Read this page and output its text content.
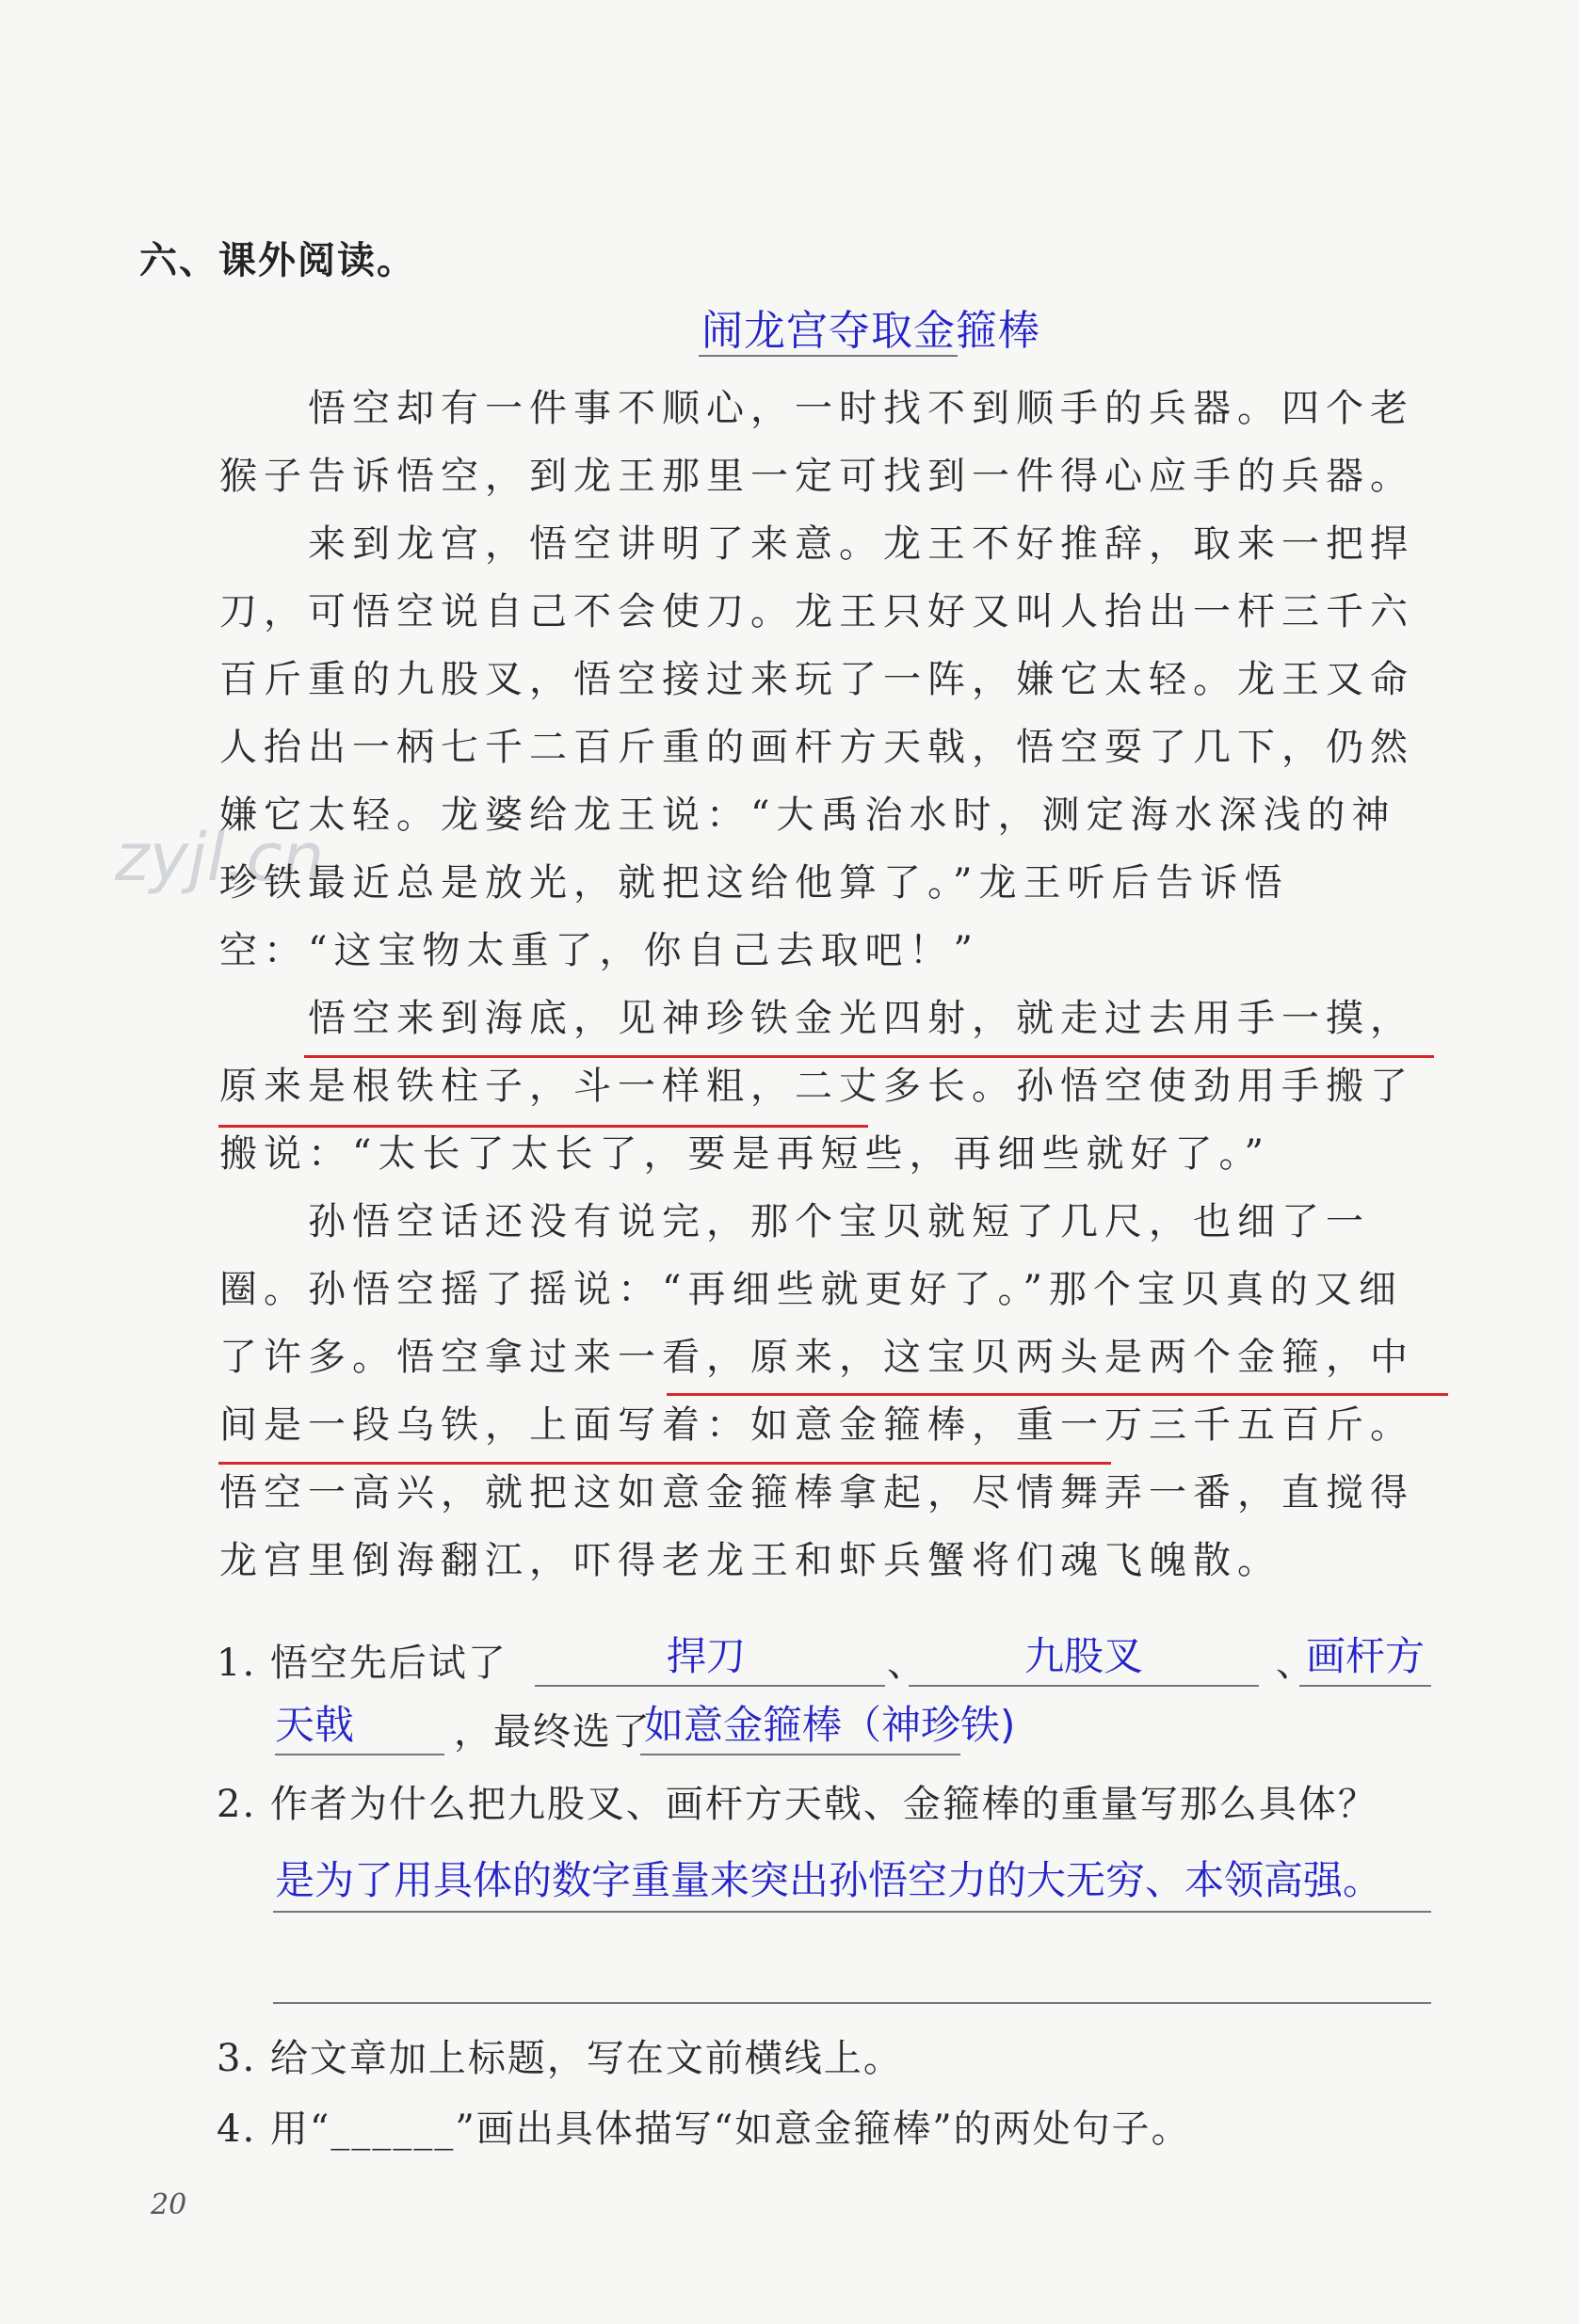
六、课外阅读。
闹龙宫夺取金箍棒
zyjl.cn

悟空却有一件事不顺心，一时找不到顺手的兵器。四个老猴子告诉悟空，到龙王那里一定可找到一件得心应手的兵器。

来到龙宫，悟空讲明了来意。龙王不好推辞，取来一把捍刀，可悟空说自己不会使刀。龙王只好又叫人抬出一杆三千六百斤重的九股叉，悟空接过来玩了一阵，嫌它太轻。龙王又命人抬出一柄七千二百斤重的画杆方天戟，悟空耍了几下，仍然嫌它太轻。龙婆给龙王说：“大禹治水时，测定海水深浅的神珍铁最近总是放光，就把这给他算了。”龙王听后告诉悟空：“这宝物太重了，你自己去取吧！”

悟空来到海底，见神珍铁金光四射，就走过去用手一摸，原来是根铁柱子，斗一样粗，二丈多长。孙悟空使劲用手搬了搬说：“太长了太长了，要是再短些，再细些就好了。”

孙悟空话还没有说完，那个宝贝就短了几尺，也细了一圈。孙悟空摇了摇说：“再细些就更好了。”那个宝贝真的又细了许多。悟空拿过来一看，原来，这宝贝两头是两个金箍，中间是一段乌铁，上面写着：如意金箍棒，重一万三千五百斤。悟空一高兴，就把这如意金箍棒拿起，尽情舞弄一番，直搅得龙宫里倒海翻江，吓得老龙王和虾兵蟹将们魂飞魄散。

1. 悟空先后试了	捍刀	、 九股叉	、
画杆方
天戟	，最终选了
如意金箍棒（神珍铁)
2. 作者为什么把九股叉、画杆方天戟、金箍棒的重量写那么具体？
是为了用具体的数字重量来突出孙悟空力的大无穷、本领高强。
3. 给文章加上标题，写在文前横线上。
4. 用“______”画出具体描写“如意金箍棒”的两处句子。
20
